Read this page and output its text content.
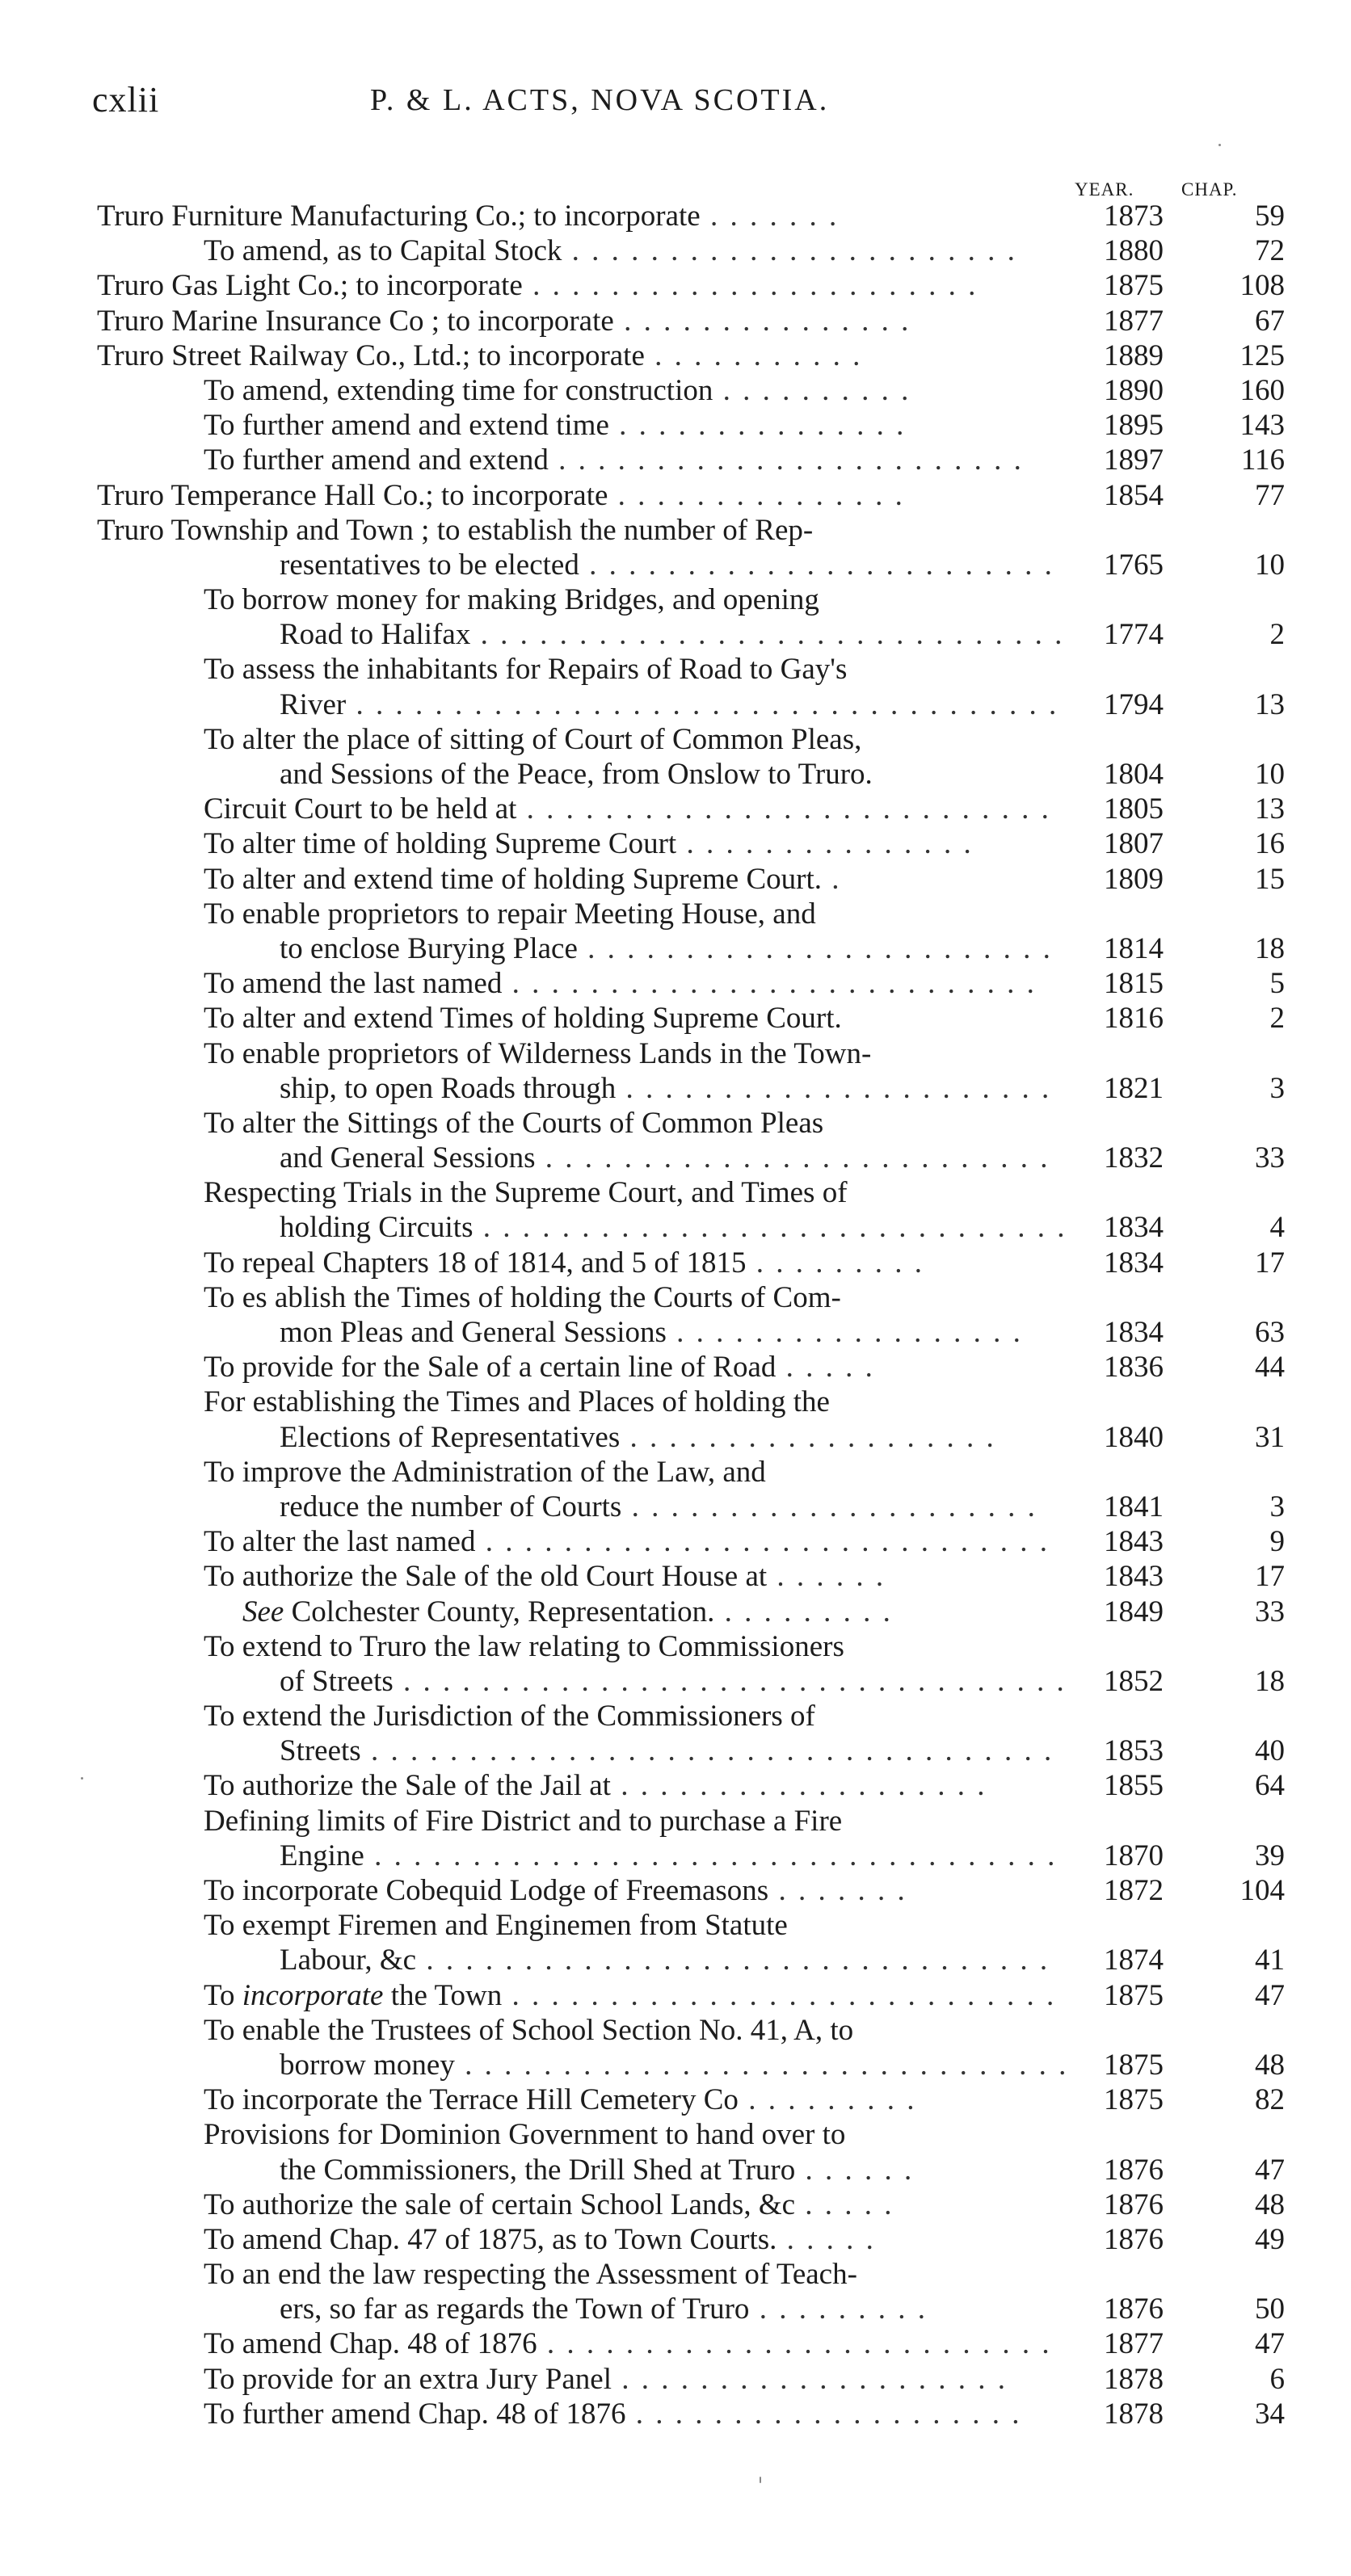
cxlii	P. & L. ACTS, NOVA SCOTIA.
YEAR.	CHAP.
Truro Furniture Manufacturing Co.; to incorporate . . . . . . .	1873	59
To amend, as to Capital Stock . . . . . . . . . . . . . . . . . . . . . . .	1880	72
Truro Gas Light Co.; to incorporate . . . . . . . . . . . . . . . . . . . . . . .	1875	108
Truro Marine Insurance Co ; to incorporate . . . . . . . . . . . . . . .	1877	67
Truro Street Railway Co., Ltd.; to incorporate . . . . . . . . . . .	1889	125
To amend, extending time for construction . . . . . . . . . .	1890	160
To further amend and extend time . . . . . . . . . . . . . . .	1895	143
To further amend and extend . . . . . . . . . . . . . . . . . . . . . . . .	1897	116
Truro Temperance Hall Co.; to incorporate . . . . . . . . . . . . . . .	1854	77
Truro Township and Town ; to establish the number of Rep-
resentatives to be elected . . . . . . . . . . . . . . . . . . . . . . . .	1765	10
To borrow money for making Bridges, and opening
Road to Halifax . . . . . . . . . . . . . . . . . . . . . . . . . . . . . .	1774	2
To assess the inhabitants for Repairs of Road to Gay's
River . . . . . . . . . . . . . . . . . . . . . . . . . . . . . . . . . . . .	1794	13
To alter the place of sitting of Court of Common Pleas,
and Sessions of the Peace, from Onslow to Truro.	1804	10
Circuit Court to be held at . . . . . . . . . . . . . . . . . . . . . . . . . . .	1805	13
To alter time of holding Supreme Court . . . . . . . . . . . . . . .	1807	16
To alter and extend time of holding Supreme Court. .	1809	15
To enable proprietors to repair Meeting House, and
to enclose Burying Place . . . . . . . . . . . . . . . . . . . . . . . .	1814	18
To amend the last named . . . . . . . . . . . . . . . . . . . . . . . . . . .	1815	5
To alter and extend Times of holding Supreme Court.	1816	2
To enable proprietors of Wilderness Lands in the Town-
ship, to open Roads through . . . . . . . . . . . . . . . . . . . . . .	1821	3
To alter the Sittings of the Courts of Common Pleas
and General Sessions . . . . . . . . . . . . . . . . . . . . . . . . . .	1832	33
Respecting Trials in the Supreme Court, and Times of
holding Circuits . . . . . . . . . . . . . . . . . . . . . . . . . . . . . .	1834	4
To repeal Chapters 18 of 1814, and 5 of 1815 . . . . . . . . .	1834	17
To es ablish the Times of holding the Courts of Com-
mon Pleas and General Sessions . . . . . . . . . . . . . . . . . .	1834	63
To provide for the Sale of a certain line of Road . . . . .	1836	44
For establishing the Times and Places of holding the
Elections of Representatives . . . . . . . . . . . . . . . . . . .	1840	31
To improve the Administration of the Law, and
reduce the number of Courts . . . . . . . . . . . . . . . . . . . . .	1841	3
To alter the last named . . . . . . . . . . . . . . . . . . . . . . . . . . . . .	1843	9
To authorize the Sale of the old Court House at . . . . . .	1843	17
See Colchester County, Representation. . . . . . . . . .	1849	33
To extend to Truro the law relating to Commissioners
of Streets . . . . . . . . . . . . . . . . . . . . . . . . . . . . . . . . . .	1852	18
To extend the Jurisdiction of the Commissioners of
Streets . . . . . . . . . . . . . . . . . . . . . . . . . . . . . . . . . . .	1853	40
To authorize the Sale of the Jail at . . . . . . . . . . . . . . . . . . .	1855	64
Defining limits of Fire District and to purchase a Fire
Engine . . . . . . . . . . . . . . . . . . . . . . . . . . . . . . . . . . .	1870	39
To incorporate Cobequid Lodge of Freemasons . . . . . . .	1872	104
To exempt Firemen and Enginemen from Statute
Labour, &c . . . . . . . . . . . . . . . . . . . . . . . . . . . . . . . .	1874	41
To incorporate the Town . . . . . . . . . . . . . . . . . . . . . . . . . . . .	1875	47
To enable the Trustees of School Section No. 41, A, to
borrow money . . . . . . . . . . . . . . . . . . . . . . . . . . . . . . .	1875	48
To incorporate the Terrace Hill Cemetery Co . . . . . . . . .	1875	82
Provisions for Dominion Government to hand over to
the Commissioners, the Drill Shed at Truro . . . . . .	1876	47
To authorize the sale of certain School Lands, &c . . . . .	1876	48
To amend Chap. 47 of 1875, as to Town Courts. . . . . .	1876	49
To an end the law respecting the Assessment of Teach-
ers, so far as regards the Town of Truro . . . . . . . . .	1876	50
To amend Chap. 48 of 1876 . . . . . . . . . . . . . . . . . . . . . . . . . .	1877	47
To provide for an extra Jury Panel . . . . . . . . . . . . . . . . . . . .	1878	6
To further amend Chap. 48 of 1876 . . . . . . . . . . . . . . . . . . . .	1878	34
